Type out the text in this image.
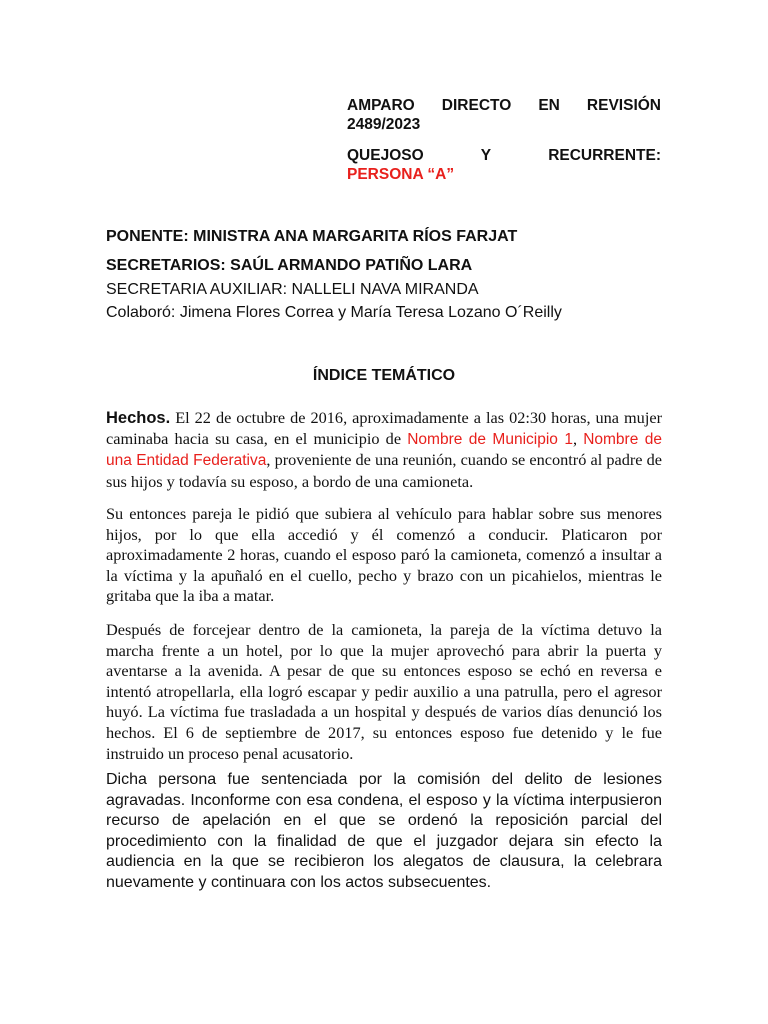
AMPARO DIRECTO EN REVISIÓN
2489/2023
QUEJOSO Y RECURRENTE:
PERSONA “A”
PONENTE: MINISTRA ANA MARGARITA RÍOS FARJAT
SECRETARIOS: SAÚL ARMANDO PATIÑO LARA
SECRETARIA AUXILIAR: NALLELI NAVA MIRANDA
Colaboró: Jimena Flores Correa y María Teresa Lozano O´Reilly
ÍNDICE TEMÁTICO
Hechos. El 22 de octubre de 2016, aproximadamente a las 02:30 horas, una mujer caminaba hacia su casa, en el municipio de Nombre de Municipio 1, Nombre de una Entidad Federativa, proveniente de una reunión, cuando se encontró al padre de sus hijos y todavía su esposo, a bordo de una camioneta.
Su entonces pareja le pidió que subiera al vehículo para hablar sobre sus menores hijos, por lo que ella accedió y él comenzó a conducir. Platicaron por aproximadamente 2 horas, cuando el esposo paró la camioneta, comenzó a insultar a la víctima y la apuñaló en el cuello, pecho y brazo con un picahielos, mientras le gritaba que la iba a matar.
Después de forcejear dentro de la camioneta, la pareja de la víctima detuvo la marcha frente a un hotel, por lo que la mujer aprovechó para abrir la puerta y aventarse a la avenida. A pesar de que su entonces esposo se echó en reversa e intentó atropellarla, ella logró escapar y pedir auxilio a una patrulla, pero el agresor huyó. La víctima fue trasladada a un hospital y después de varios días denunció los hechos. El 6 de septiembre de 2017, su entonces esposo fue detenido y le fue instruido un proceso penal acusatorio.
Dicha persona fue sentenciada por la comisión del delito de lesiones agravadas. Inconforme con esa condena, el esposo y la víctima interpusieron recurso de apelación en el que se ordenó la reposición parcial del procedimiento con la finalidad de que el juzgador dejara sin efecto la audiencia en la que se recibieron los alegatos de clausura, la celebrara nuevamente y continuara con los actos subsecuentes.
